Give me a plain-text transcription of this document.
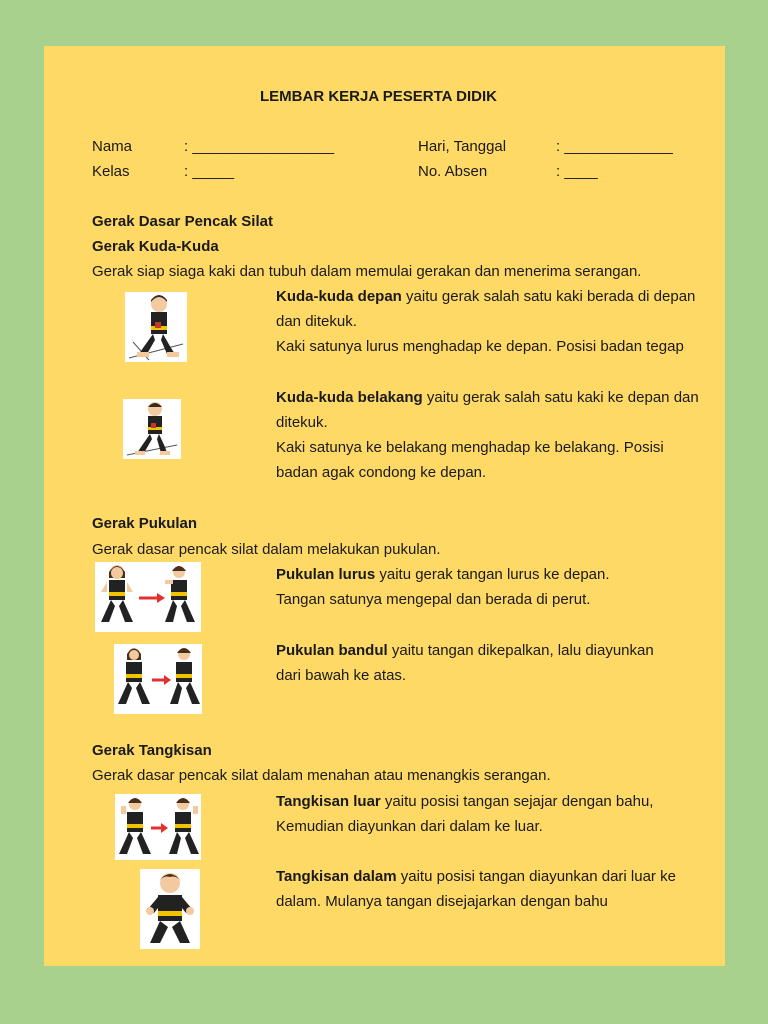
LEMBAR KERJA PESERTA DIDIK
Nama	: _________________
Kelas	: _____
Hari, Tanggal	: _____________
No. Absen	: ____
Gerak Dasar Pencak Silat
Gerak Kuda-Kuda
Gerak siap siaga kaki dan tubuh dalam memulai gerakan dan menerima serangan.
Kuda-kuda depan yaitu gerak salah satu kaki berada di depan
dan ditekuk.
Kaki satunya lurus menghadap ke depan. Posisi badan tegap
Kuda-kuda belakang yaitu gerak salah satu kaki ke depan dan
ditekuk.
Kaki satunya ke belakang menghadap ke belakang. Posisi
badan agak condong ke depan.
Gerak Pukulan
Gerak dasar pencak silat dalam melakukan pukulan.
Pukulan lurus yaitu gerak tangan lurus ke depan.
Tangan satunya mengepal dan berada di perut.
Pukulan bandul yaitu tangan dikepalkan, lalu diayunkan
dari bawah ke atas.
Gerak Tangkisan
Gerak dasar pencak silat dalam menahan atau menangkis serangan.
Tangkisan luar yaitu posisi tangan sejajar dengan bahu,
Kemudian diayunkan dari dalam ke luar.
Tangkisan dalam yaitu posisi tangan diayunkan dari luar ke
dalam. Mulanya tangan disejajarkan dengan bahu
